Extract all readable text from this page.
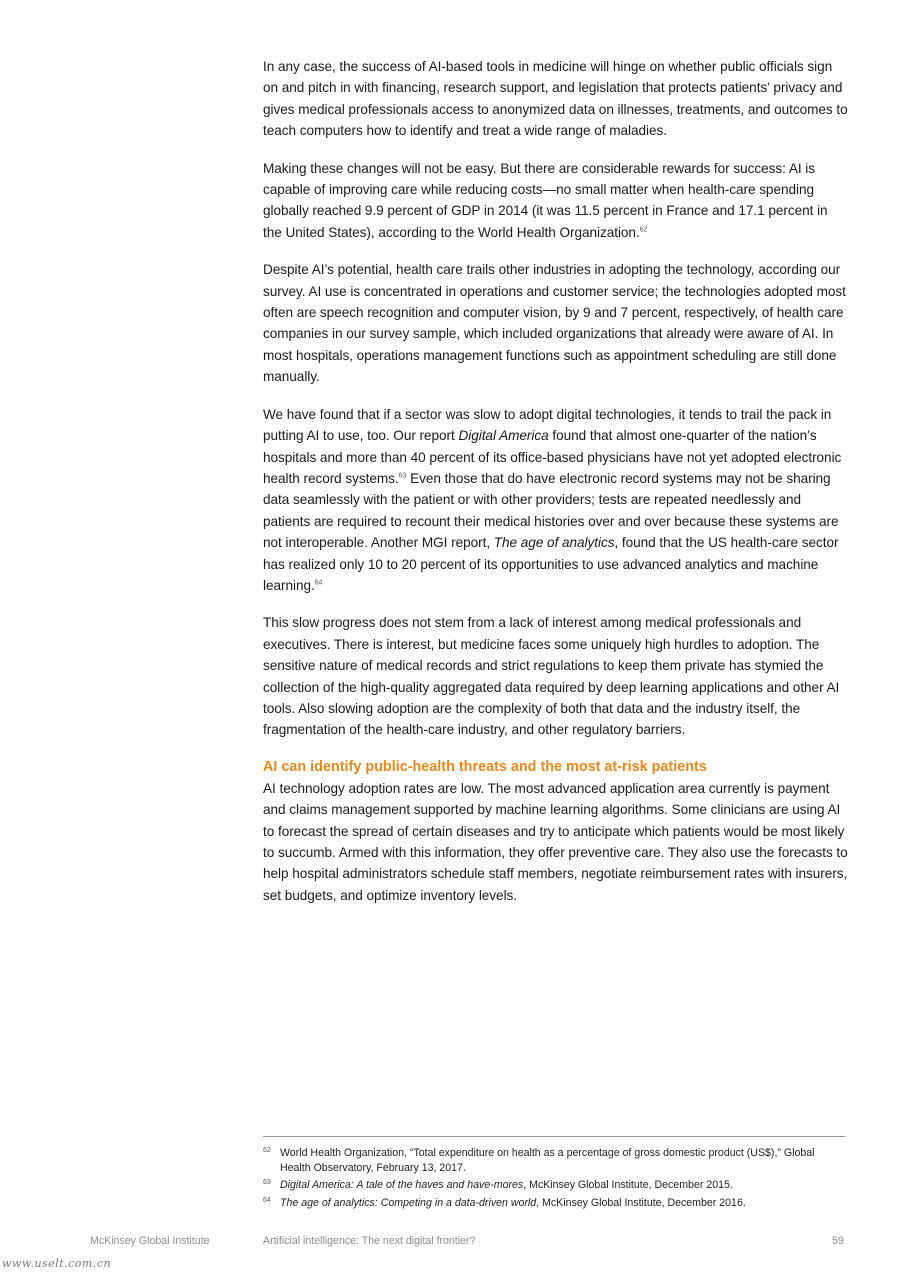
In any case, the success of AI-based tools in medicine will hinge on whether public officials sign on and pitch in with financing, research support, and legislation that protects patients’ privacy and gives medical professionals access to anonymized data on illnesses, treatments, and outcomes to teach computers how to identify and treat a wide range of maladies.

Making these changes will not be easy. But there are considerable rewards for success: AI is capable of improving care while reducing costs—no small matter when health-care spending globally reached 9.9 percent of GDP in 2014 (it was 11.5 percent in France and 17.1 percent in the United States), according to the World Health Organization.$^{62}$

Despite AI’s potential, health care trails other industries in adopting the technology, according our survey. AI use is concentrated in operations and customer service; the technologies adopted most often are speech recognition and computer vision, by 9 and 7 percent, respectively, of health care companies in our survey sample, which included organizations that already were aware of AI. In most hospitals, operations management functions such as appointment scheduling are still done manually.

We have found that if a sector was slow to adopt digital technologies, it tends to trail the pack in putting AI to use, too. Our report Digital America found that almost one-quarter of the nation’s hospitals and more than 40 percent of its office-based physicians have not yet adopted electronic health record systems.$^{63}$ Even those that do have electronic record systems may not be sharing data seamlessly with the patient or with other providers; tests are repeated needlessly and patients are required to recount their medical histories over and over because these systems are not interoperable. Another MGI report, The age of analytics, found that the US health-care sector has realized only 10 to 20 percent of its opportunities to use advanced analytics and machine learning.$^{64}$

This slow progress does not stem from a lack of interest among medical professionals and executives. There is interest, but medicine faces some uniquely high hurdles to adoption. The sensitive nature of medical records and strict regulations to keep them private has stymied the collection of the high-quality aggregated data required by deep learning applications and other AI tools. Also slowing adoption are the complexity of both that data and the industry itself, the fragmentation of the health-care industry, and other regulatory barriers.

AI can identify public-health threats and the most at-risk patients

AI technology adoption rates are low. The most advanced application area currently is payment and claims management supported by machine learning algorithms. Some clinicians are using AI to forecast the spread of certain diseases and try to anticipate which patients would be most likely to succumb. Armed with this information, they offer preventive care. They also use the forecasts to help hospital administrators schedule staff members, negotiate reimbursement rates with insurers, set budgets, and optimize inventory levels.

62 World Health Organization, “Total expenditure on health as a percentage of gross domestic product (US$),” Global Health Observatory, February 13, 2017.
63 Digital America: A tale of the haves and have-mores, McKinsey Global Institute, December 2015.
64 The age of analytics: Competing in a data-driven world, McKinsey Global Institute, December 2016.
McKinsey Global Institute	Artificial intelligence: The next digital frontier?	59
www.uselt.com.cn
